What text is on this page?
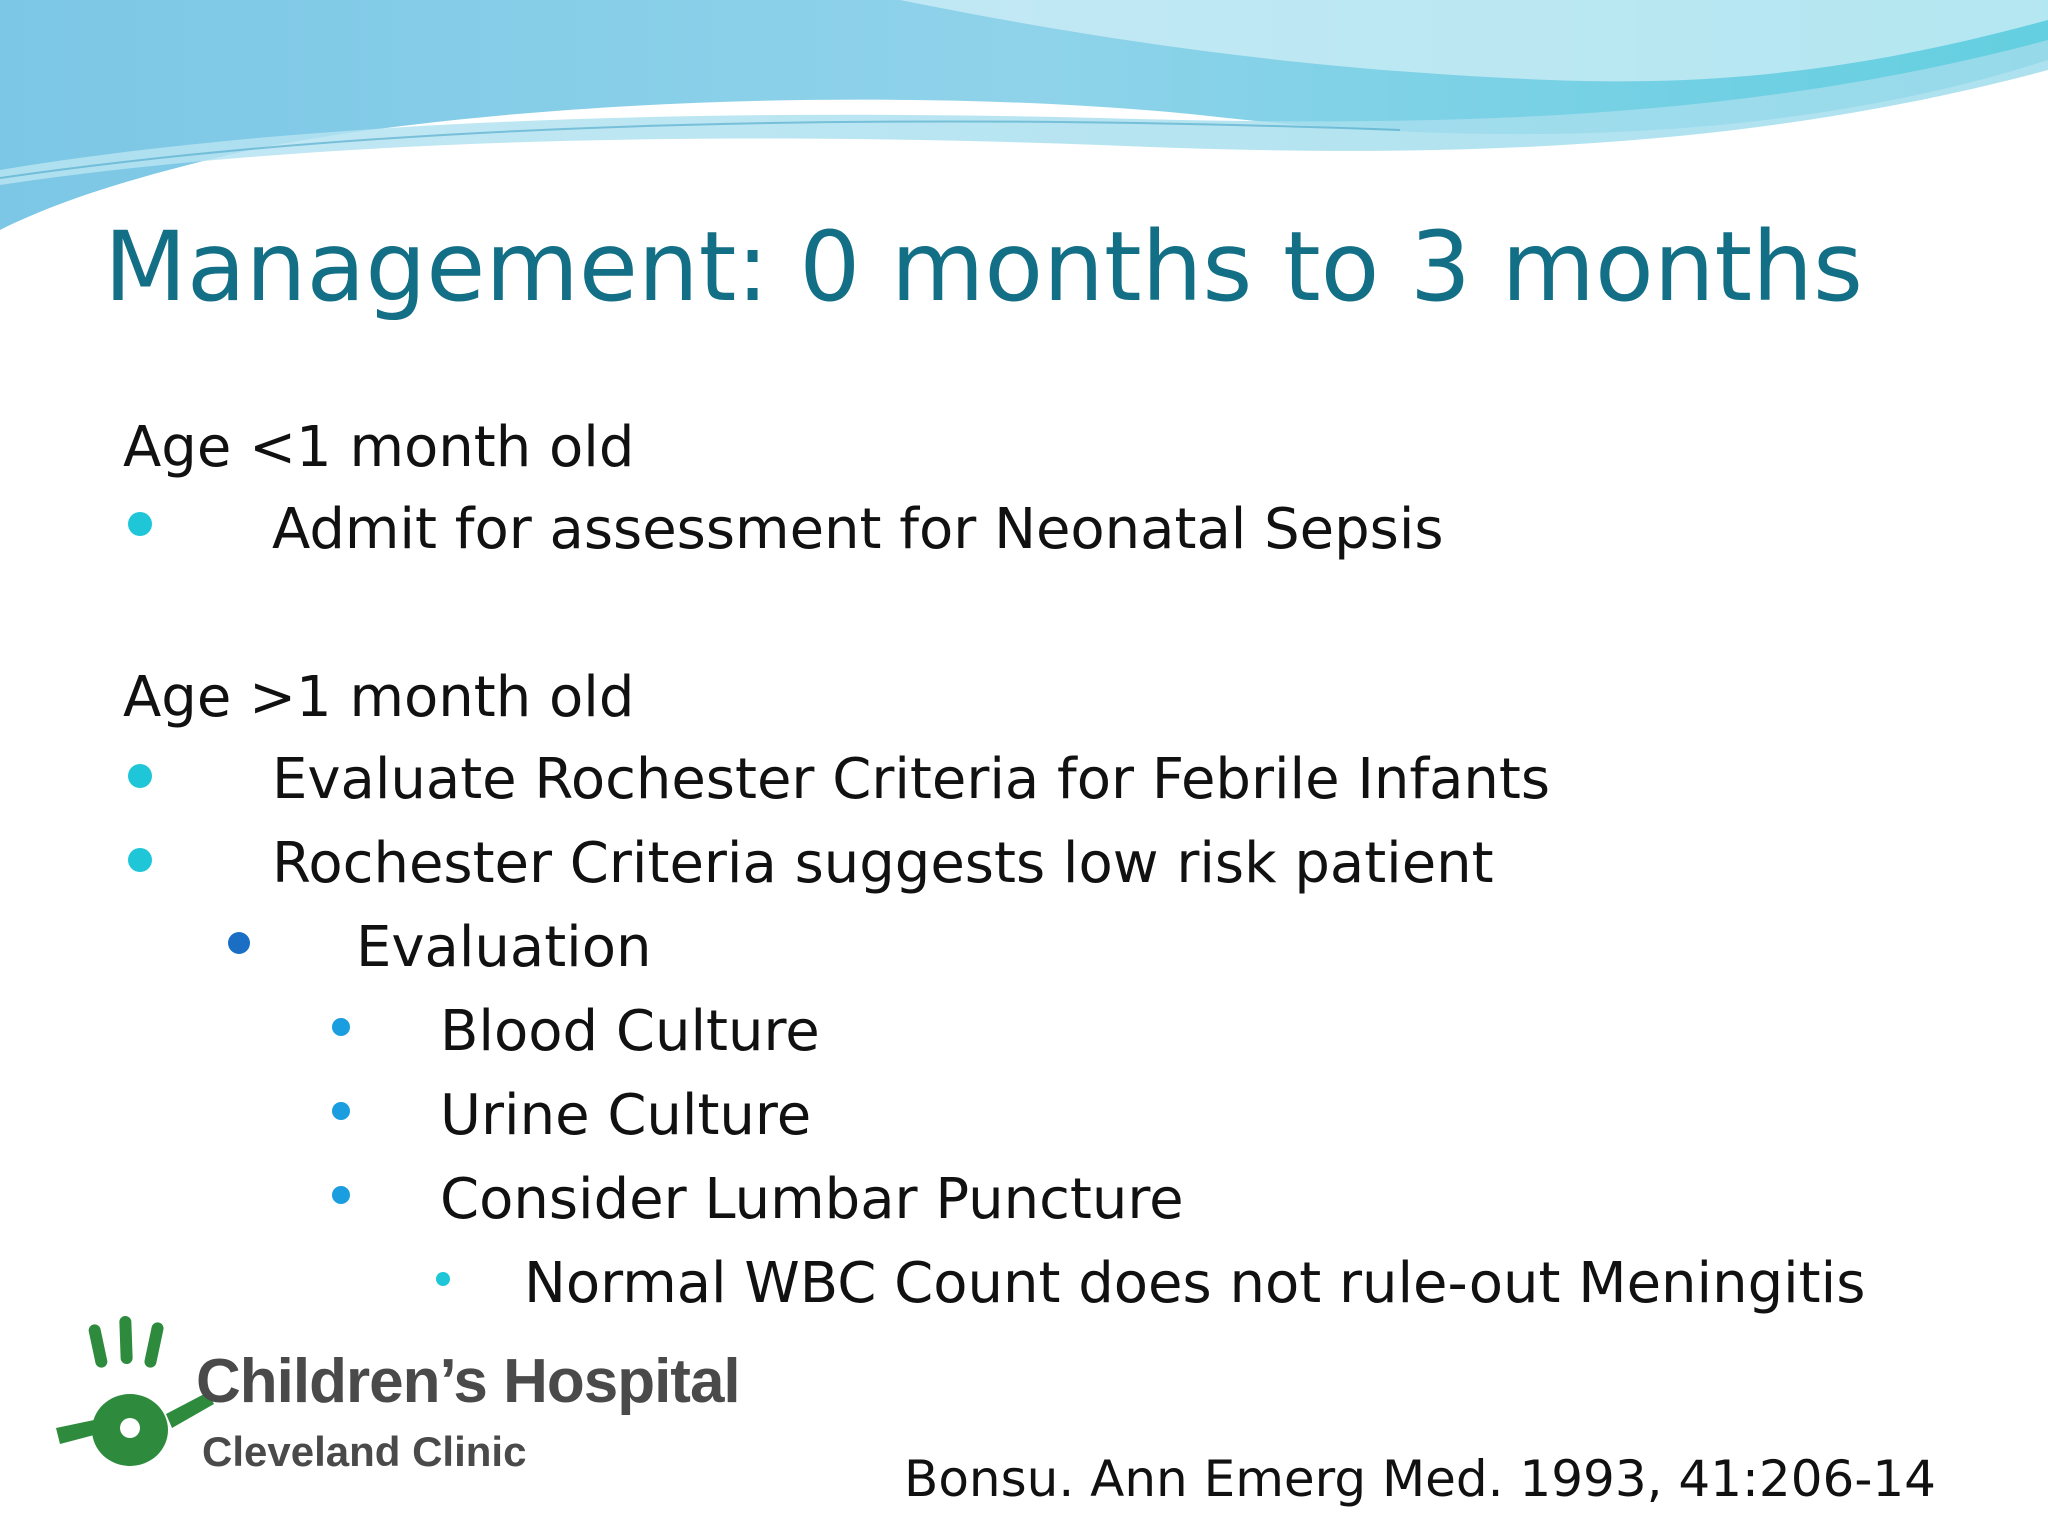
Management: 0 months to 3 months
Age <1 month old
Admit for assessment for Neonatal Sepsis
Age >1 month old
Evaluate Rochester Criteria for Febrile Infants
Rochester Criteria suggests low risk patient
Evaluation
Blood Culture
Urine Culture
Consider Lumbar Puncture
Normal WBC Count does not rule-out Meningitis
Children’s Hospital
Cleveland Clinic	Bonsu. Ann Emerg Med. 1993, 41:206-14
